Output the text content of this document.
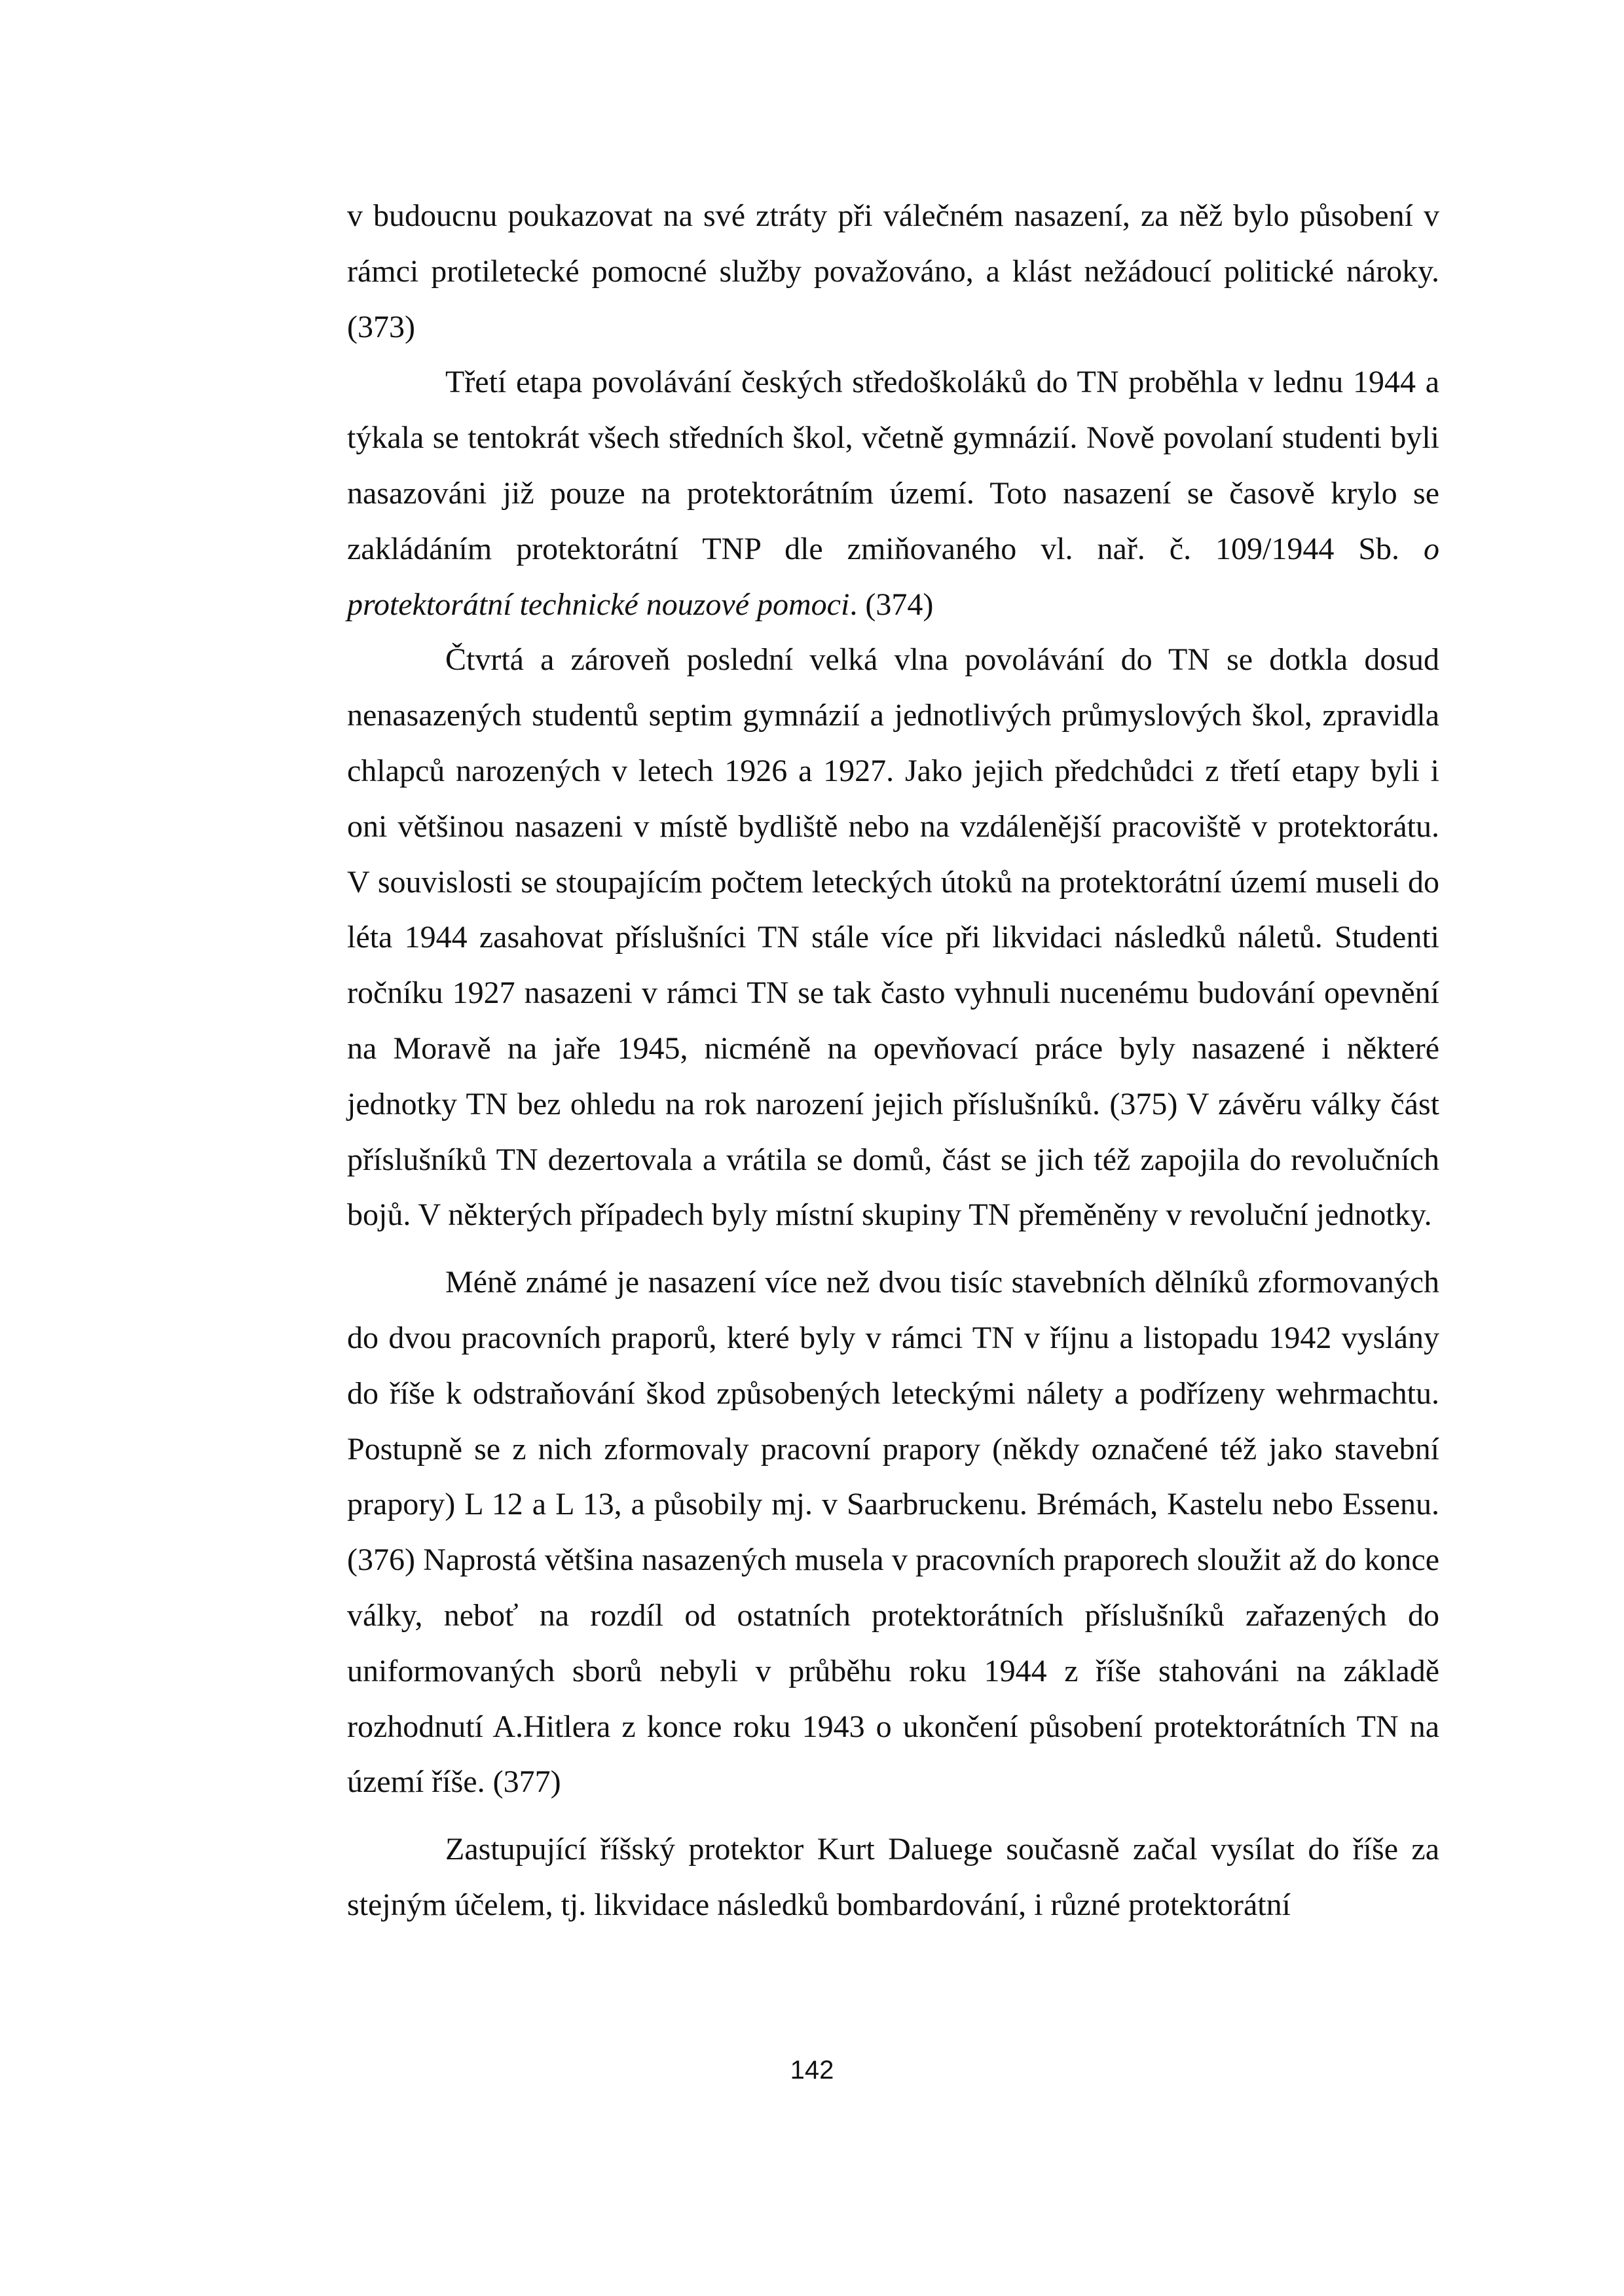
v budoucnu poukazovat na své ztráty při válečném nasazení, za něž bylo působení v rámci protiletecké pomocné služby považováno, a klást nežádoucí politické nároky. (373)

Třetí etapa povolávání českých středoškoláků do TN proběhla v lednu 1944 a týkala se tentokrát všech středních škol, včetně gymnázií. Nově povolaní studenti byli nasazováni již pouze na protektorátním území. Toto nasazení se časově krylo se zakládáním protektorátní TNP dle zmiňovaného vl. nař. č. 109/1944 Sb. o protektorátní technické nouzové pomoci. (374)

Čtvrtá a zároveň poslední velká vlna povolávání do TN se dotkla dosud nenasazených studentů septim gymnázií a jednotlivých průmyslových škol, zpravidla chlapců narozených v letech 1926 a 1927. Jako jejich předchůdci z třetí etapy byli i oni většinou nasazeni v místě bydliště nebo na vzdálenější pracoviště v protektorátu. V souvislosti se stoupajícím počtem leteckých útoků na protektorátní území museli do léta 1944 zasahovat příslušníci TN stále více při likvidaci následků náletů. Studenti ročníku 1927 nasazeni v rámci TN se tak často vyhnuli nucenému budování opevnění na Moravě na jaře 1945, nicméně na opevňovací práce byly nasazené i některé jednotky TN bez ohledu na rok narození jejich příslušníků. (375) V závěru války část příslušníků TN dezertovala a vrátila se domů, část se jich též zapojila do revolučních bojů. V některých případech byly místní skupiny TN přeměněny v revoluční jednotky.

Méně známé je nasazení více než dvou tisíc stavebních dělníků zformovaných do dvou pracovních praporů, které byly v rámci TN v říjnu a listopadu 1942 vyslány do říše k odstraňování škod způsobených leteckými nálety a podřízeny wehrmachtu. Postupně se z nich zformovaly pracovní prapory (někdy označené též jako stavební prapory) L 12 a L 13, a působily mj. v Saarbruckenu. Brémách, Kastelu nebo Essenu.(376) Naprostá většina nasazených musela v pracovních praporech sloužit až do konce války, neboť na rozdíl od ostatních protektorátních příslušníků zařazených do uniformovaných sborů nebyli v průběhu roku 1944 z říše stahováni na základě rozhodnutí A.Hitlera z konce roku 1943 o ukončení působení protektorátních TN na území říše. (377)

Zastupující říšský protektor Kurt Daluege současně začal vysílat do říše za stejným účelem, tj. likvidace následků bombardování, i různé protektorátní

142
